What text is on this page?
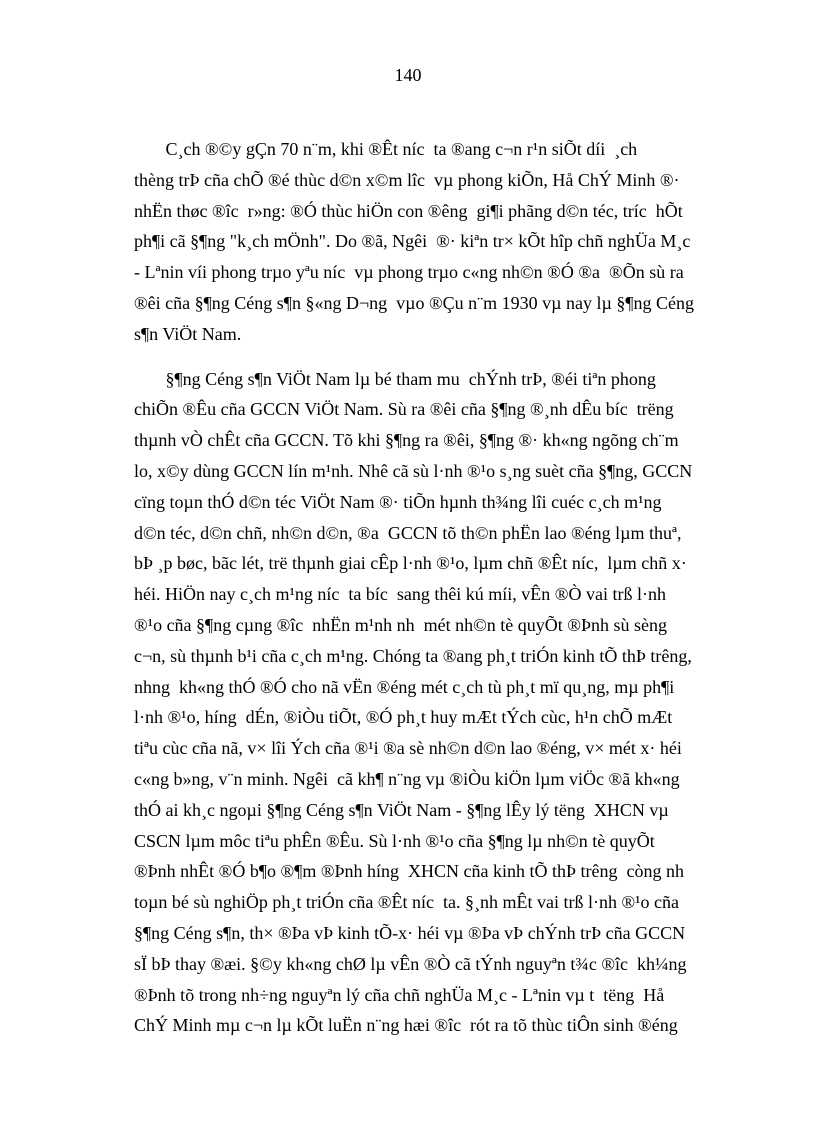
140
C¸ch ®©y gÇn 70 n¨m, khi ®Êt níc  ta ®ang c¬n r¹n siÕt díi  ¸ch
thèng trÞ cña chÕ ®é thùc d©n x©m lîc  vµ phong kiÕn, Hå ChÝ Minh ®·
nhËn thøc ®îc  r»ng: ®Ó thùc hiÖn con ®êng  gi¶i phãng d©n téc, tríc  hÕt
ph¶i cã §¶ng "k¸ch mÖnh". Do ®ã, Ngêi  ®· kiªn tr× kÕt hîp chñ nghÜa M¸c
- Lªnin víi phong trµo yªu níc  vµ phong trµo c«ng nh©n ®Ó ®a  ®Õn sù ra
®êi cña §¶ng Céng s¶n §«ng D¬ng  vµo ®Çu n¨m 1930 vµ nay lµ §¶ng Céng
s¶n ViÖt Nam.
§¶ng Céng s¶n ViÖt Nam lµ bé tham mu  chÝnh trÞ, ®éi tiªn phong
chiÕn ®Êu cña GCCN ViÖt Nam. Sù ra ®êi cña §¶ng ®¸nh dÊu bíc  trëng
thµnh vÒ chÊt cña GCCN. Tõ khi §¶ng ra ®êi, §¶ng ®· kh«ng ngõng ch¨m
lo, x©y dùng GCCN lín m¹nh. Nhê cã sù l·nh ®¹o s¸ng suèt cña §¶ng, GCCN
cïng toµn thÓ d©n téc ViÖt Nam ®· tiÕn hµnh th¾ng lîi cuéc c¸ch m¹ng
d©n téc, d©n chñ, nh©n d©n, ®a  GCCN tõ th©n phËn lao ®éng lµm thuª,
bÞ ¸p bøc, bãc lét, trë thµnh giai cÊp l·nh ®¹o, lµm chñ ®Êt níc,  lµm chñ x·
héi. HiÖn nay c¸ch m¹ng níc  ta bíc  sang thêi kú míi, vÊn ®Ò vai trß l·nh
®¹o cña §¶ng cµng ®îc  nhËn m¹nh nh  mét nh©n tè quyÕt ®Þnh sù sèng
c¬n, sù thµnh b¹i cña c¸ch m¹ng. Chóng ta ®ang ph¸t triÓn kinh tÕ thÞ trêng,
nhng  kh«ng thÓ ®Ó cho nã vËn ®éng mét c¸ch tù ph¸t mï qu¸ng, mµ ph¶i
l·nh ®¹o, híng  dÉn, ®iÒu tiÕt, ®Ó ph¸t huy mÆt tÝch cùc, h¹n chÕ mÆt
tiªu cùc cña nã, v× lîi Ých cña ®¹i ®a sè nh©n d©n lao ®éng, v× mét x· héi
c«ng b»ng, v¨n minh. Ngêi  cã kh¶ n¨ng vµ ®iÒu kiÖn lµm viÖc ®ã kh«ng
thÓ ai kh¸c ngoµi §¶ng Céng s¶n ViÖt Nam - §¶ng lÊy lý tëng  XHCN vµ
CSCN lµm môc tiªu phÊn ®Êu. Sù l·nh ®¹o cña §¶ng lµ nh©n tè quyÕt
®Þnh nhÊt ®Ó b¶o ®¶m ®Þnh híng  XHCN cña kinh tÕ thÞ trêng  còng nh
toµn bé sù nghiÖp ph¸t triÓn cña ®Êt níc  ta. §¸nh mÊt vai trß l·nh ®¹o cña
§¶ng Céng s¶n, th× ®Þa vÞ kinh tÕ-x· héi vµ ®Þa vÞ chÝnh trÞ cña GCCN
sÏ bÞ thay ®æi. §©y kh«ng chØ lµ vÊn ®Ò cã tÝnh nguyªn t¾c ®îc  kh¼ng
®Þnh tõ trong nh÷ng nguyªn lý cña chñ nghÜa M¸c - Lªnin vµ t  tëng  Hå
ChÝ Minh mµ c¬n lµ kÕt luËn n¨ng hæi ®îc  rót ra tõ thùc tiÔn sinh ®éng
